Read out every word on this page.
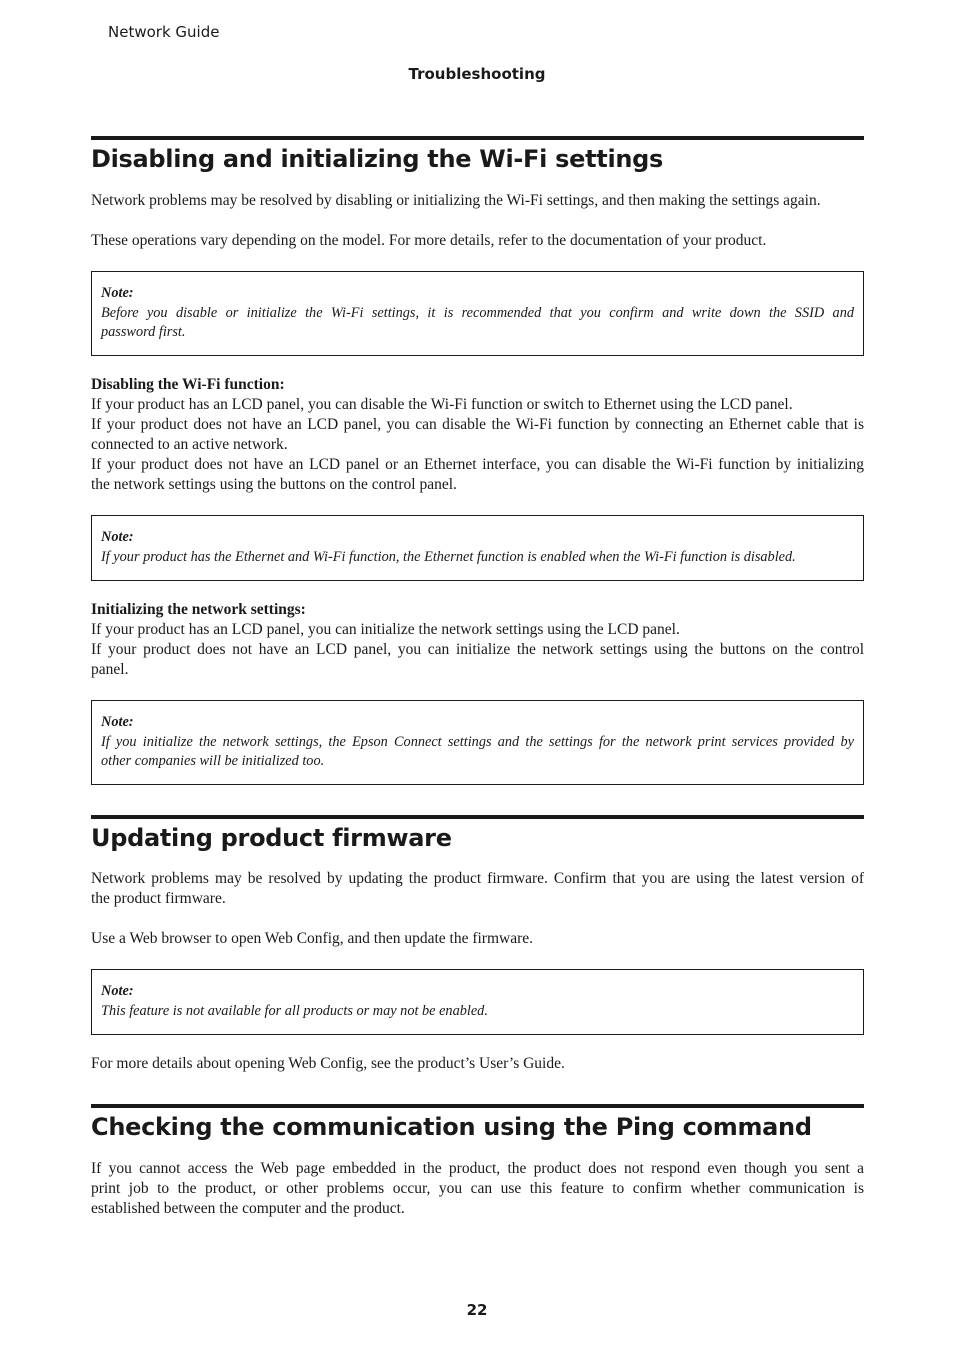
Network Guide
Troubleshooting
Disabling and initializing the Wi-Fi settings
Network problems may be resolved by disabling or initializing the Wi-Fi settings, and then making the settings again.
These operations vary depending on the model. For more details, refer to the documentation of your product.
Note:
Before you disable or initialize the Wi-Fi settings, it is recommended that you confirm and write down the SSID and
password first.
Disabling the Wi-Fi function:
If your product has an LCD panel, you can disable the Wi-Fi function or switch to Ethernet using the LCD panel.
If your product does not have an LCD panel, you can disable the Wi-Fi function by connecting an Ethernet cable that is
connected to an active network.
If your product does not have an LCD panel or an Ethernet interface, you can disable the Wi-Fi function by initializing
the network settings using the buttons on the control panel.
Note:
If your product has the Ethernet and Wi-Fi function, the Ethernet function is enabled when the Wi-Fi function is disabled.
Initializing the network settings:
If your product has an LCD panel, you can initialize the network settings using the LCD panel.
If your product does not have an LCD panel, you can initialize the network settings using the buttons on the control
panel.
Note:
If you initialize the network settings, the Epson Connect settings and the settings for the network print services provided by
other companies will be initialized too.
Updating product firmware
Network problems may be resolved by updating the product firmware. Confirm that you are using the latest version of
the product firmware.
Use a Web browser to open Web Config, and then update the firmware.
Note:
This feature is not available for all products or may not be enabled.
For more details about opening Web Config, see the product’s User’s Guide.
Checking the communication using the Ping command
If you cannot access the Web page embedded in the product, the product does not respond even though you sent a
print job to the product, or other problems occur, you can use this feature to confirm whether communication is
established between the computer and the product.
22
